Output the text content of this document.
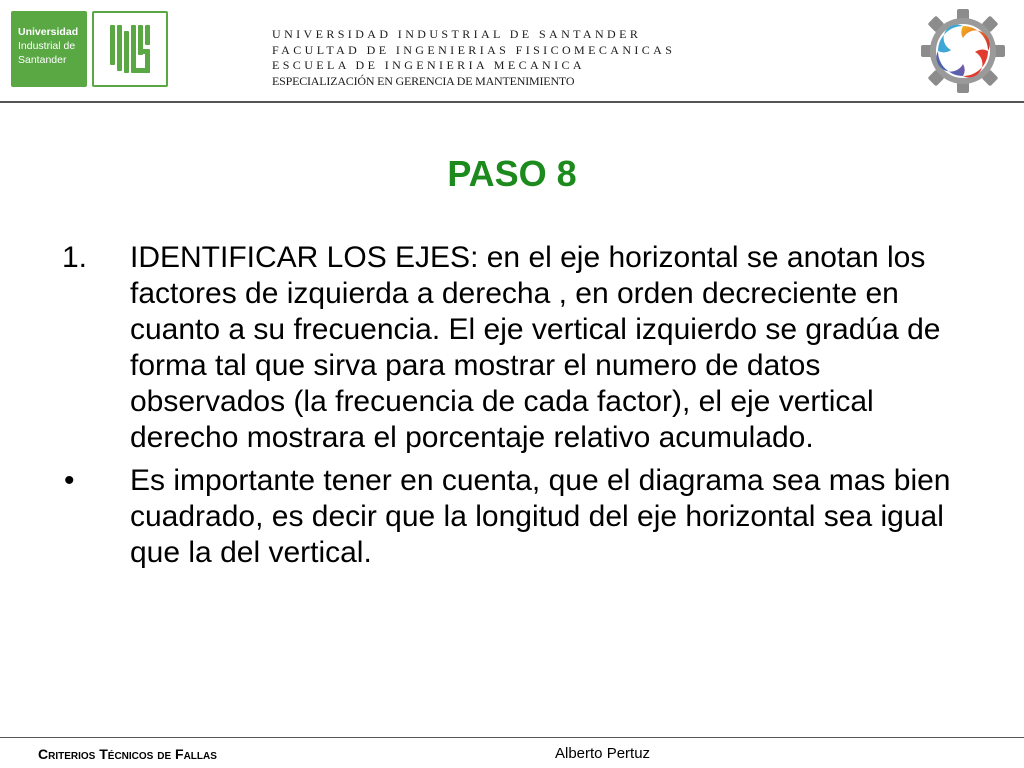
Universidad
Industrial de
Santander
UNIVERSIDAD INDUSTRIAL DE SANTANDER
FACULTAD DE INGENIERIAS FISICOMECANICAS
ESCUELA DE INGENIERIA MECANICA
ESPECIALIZACIÓN EN GERENCIA DE MANTENIMIENTO
PASO 8
1. IDENTIFICAR LOS EJES: en el eje horizontal se anotan los factores de izquierda a derecha , en orden decreciente en cuanto a su frecuencia. El eje vertical izquierdo se gradúa de forma tal que sirva para mostrar el numero de datos observados (la frecuencia de cada factor), el eje vertical derecho mostrara el porcentaje relativo acumulado.
• Es importante tener en cuenta, que el diagrama sea mas bien cuadrado, es decir que la longitud del eje horizontal sea igual que la del vertical.
Criterios Técnicos de Fallas	Alberto Pertuz
